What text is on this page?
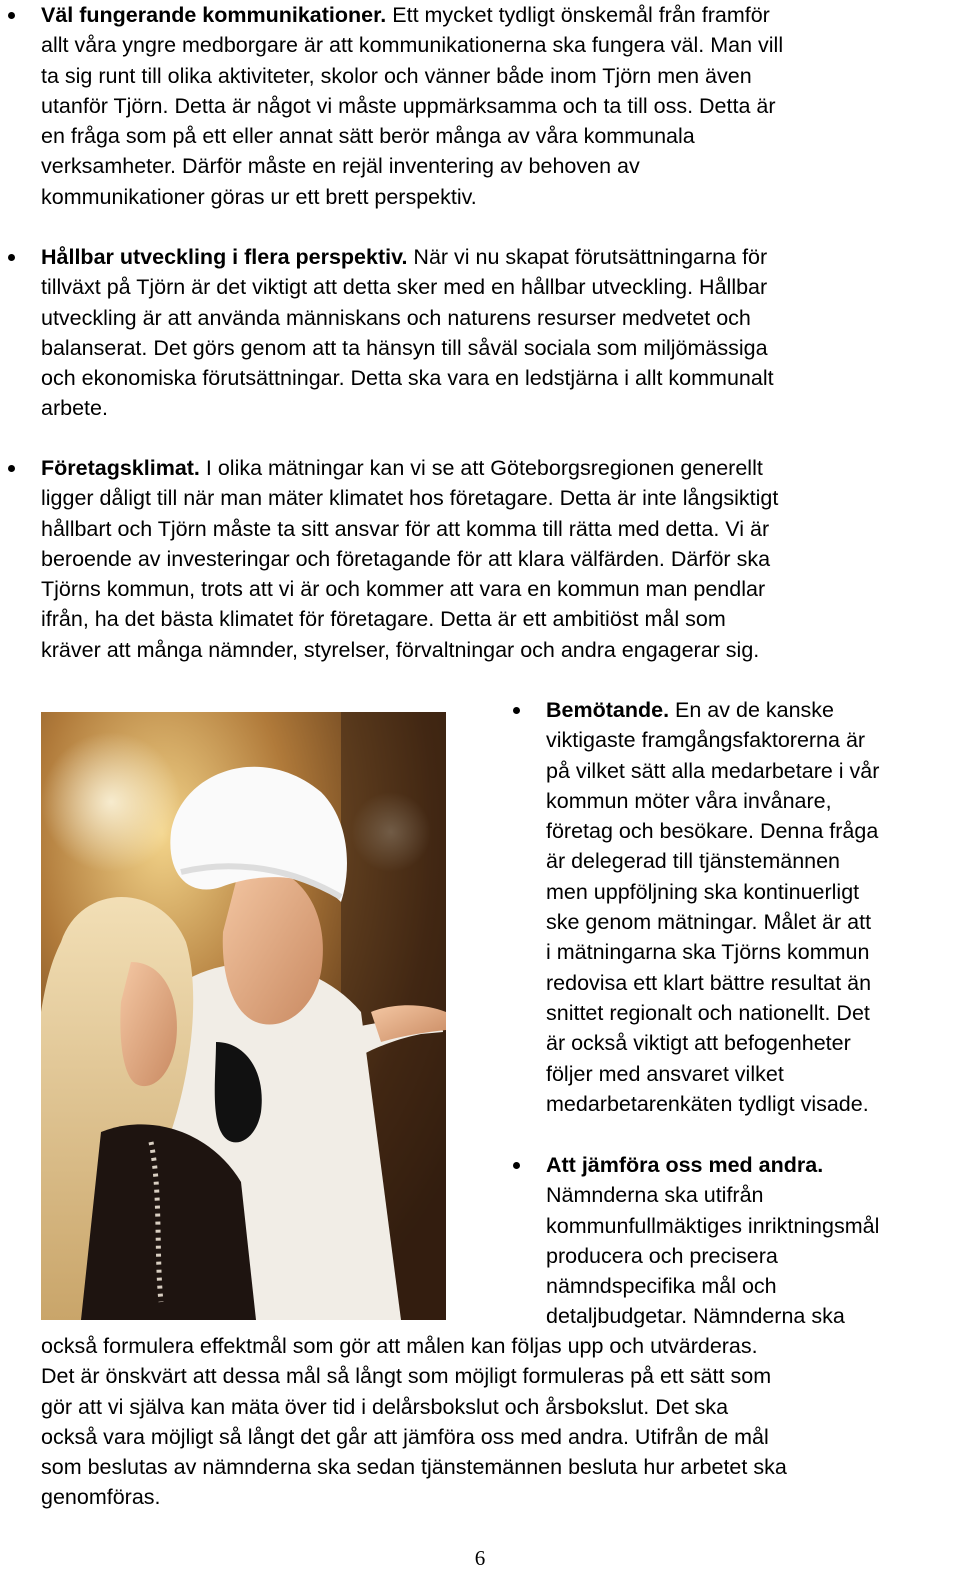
Väl fungerande kommunikationer. Ett mycket tydligt önskemål från framför
allt våra yngre medborgare är att kommunikationerna ska fungera väl. Man vill
ta sig runt till olika aktiviteter, skolor och vänner både inom Tjörn men även
utanför Tjörn. Detta är något vi måste uppmärksamma och ta till oss. Detta är
en fråga som på ett eller annat sätt berör många av våra kommunala
verksamheter. Därför måste en rejäl inventering av behoven av
kommunikationer göras ur ett brett perspektiv.

Hållbar utveckling i flera perspektiv. När vi nu skapat förutsättningarna för
tillväxt på Tjörn är det viktigt att detta sker med en hållbar utveckling. Hållbar
utveckling är att använda människans och naturens resurser medvetet och
balanserat. Det görs genom att ta hänsyn till såväl sociala som miljömässiga
och ekonomiska förutsättningar. Detta ska vara en ledstjärna i allt kommunalt
arbete.

Företagsklimat. I olika mätningar kan vi se att Göteborgsregionen generellt
ligger dåligt till när man mäter klimatet hos företagare. Detta är inte långsiktigt
hållbart och Tjörn måste ta sitt ansvar för att komma till rätta med detta. Vi är
beroende av investeringar och företagande för att klara välfärden. Därför ska
Tjörns kommun, trots att vi är och kommer att vara en kommun man pendlar
ifrån, ha det bästa klimatet för företagare. Detta är ett ambitiöst mål som
kräver att många nämnder, styrelser, förvaltningar och andra engagerar sig.

Bemötande. En av de kanske
viktigaste framgångsfaktorerna är
på vilket sätt alla medarbetare i vår
kommun möter våra invånare,
företag och besökare. Denna fråga
är delegerad till tjänstemännen
men uppföljning ska kontinuerligt
ske genom mätningar. Målet är att
i mätningarna ska Tjörns kommun
redovisa ett klart bättre resultat än
snittet regionalt och nationellt. Det
är också viktigt att befogenheter
följer med ansvaret vilket
medarbetarenkäten tydligt visade.

Att jämföra oss med andra.
Nämnderna ska utifrån
kommunfullmäktiges inriktningsmål
producera och precisera
nämndspecifika mål och
detaljbudgetar. Nämnderna ska

också formulera effektmål som gör att målen kan följas upp och utvärderas.
Det är önskvärt att dessa mål så långt som möjligt formuleras på ett sätt som
gör att vi själva kan mäta över tid i delårsbokslut och årsbokslut. Det ska
också vara möjligt så långt det går att jämföra oss med andra. Utifrån de mål
som beslutas av nämnderna ska sedan tjänstemännen besluta hur arbetet ska
genomföras.

6
